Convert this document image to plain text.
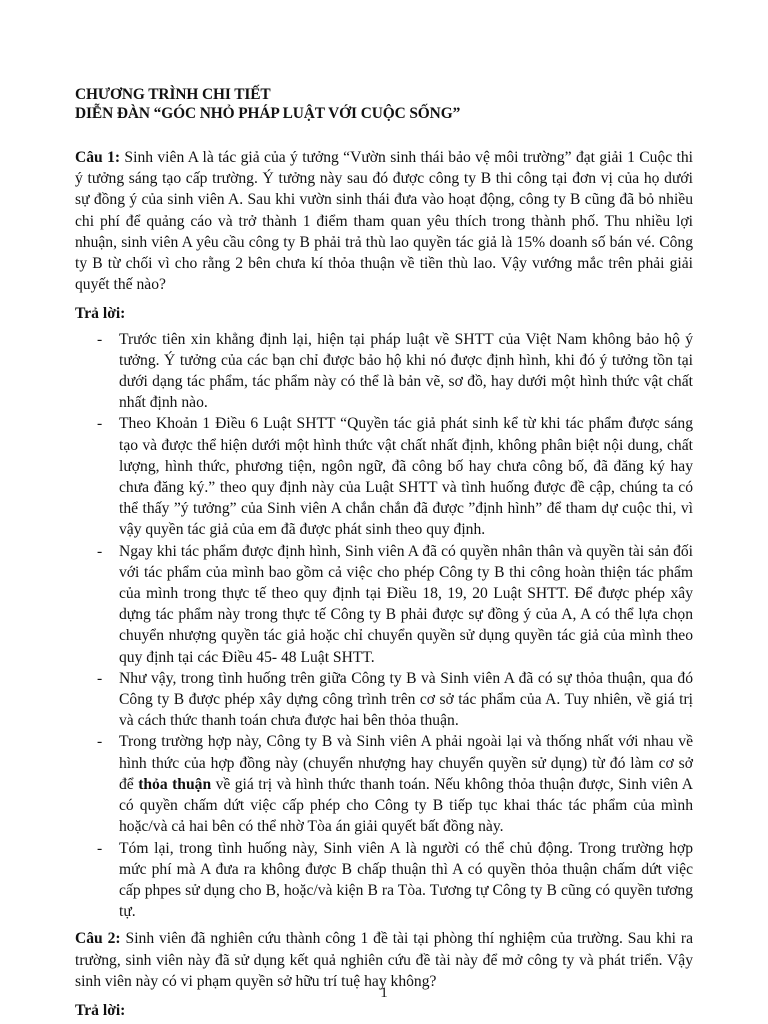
CHƯƠNG TRÌNH CHI TIẾT
DIỄN ĐÀN “GÓC NHỎ PHÁP LUẬT VỚI CUỘC SỐNG”

Câu 1: Sinh viên A là tác giả của ý tưởng “Vườn sinh thái bảo vệ môi trường” đạt giải 1 Cuộc thi ý tưởng sáng tạo cấp trường. Ý tưởng này sau đó được công ty B thi công tại đơn vị của họ dưới sự đồng ý của sinh viên A. Sau khi vườn sinh thái đưa vào hoạt động, công ty B cũng đã bỏ nhiều chi phí để quảng cáo và trở thành 1 điểm tham quan yêu thích trong thành phố. Thu nhiều lợi nhuận, sinh viên A yêu cầu công ty B phải trả thù lao quyền tác giả là 15% doanh số bán vé. Công ty B từ chối vì cho rằng 2 bên chưa kí thỏa thuận về tiền thù lao. Vậy vướng mắc trên phải giải quyết thế nào?

Trả lời:
- Trước tiên xin khẳng định lại, hiện tại pháp luật về SHTT của Việt Nam không bảo hộ ý tưởng. Ý tưởng của các bạn chỉ được bảo hộ khi nó được định hình, khi đó ý tưởng tồn tại dưới dạng tác phẩm, tác phẩm này có thể là bản vẽ, sơ đồ, hay dưới một hình thức vật chất nhất định nào.
- Theo Khoản 1 Điều 6 Luật SHTT “Quyền tác giả phát sinh kể từ khi tác phẩm được sáng tạo và được thể hiện dưới một hình thức vật chất nhất định, không phân biệt nội dung, chất lượng, hình thức, phương tiện, ngôn ngữ, đã công bố hay chưa công bố, đã đăng ký hay chưa đăng ký.” theo quy định này của Luật SHTT và tình huống được đề cập, chúng ta có thể thấy ”ý tưởng” của Sinh viên A chắn chắn đã được ”định hình” để tham dự cuộc thi, vì vậy quyền tác giả của em đã được phát sinh theo quy định.
- Ngay khi tác phẩm được định hình, Sinh viên A đã có quyền nhân thân và quyền tài sản đối với tác phẩm của mình bao gồm cả việc cho phép Công ty B thi công hoàn thiện tác phẩm của mình trong thực tế theo quy định tại Điều 18, 19, 20 Luật SHTT. Để được phép xây dựng tác phẩm này trong thực tế Công ty B phải được sự đồng ý của A, A có thể lựa chọn chuyển nhượng quyền tác giả hoặc chỉ chuyển quyền sử dụng quyền tác giả của mình theo quy định tại các Điều 45- 48 Luật SHTT.
- Như vậy, trong tình huống trên giữa Công ty B và Sinh viên A đã có sự thỏa thuận, qua đó Công ty B được phép xây dựng công trình trên cơ sở tác phẩm của A. Tuy nhiên, về giá trị và cách thức thanh toán chưa được hai bên thỏa thuận.
- Trong trường hợp này, Công ty B và Sinh viên A phải ngoài lại và thống nhất với nhau về hình thức của hợp đồng này (chuyển nhượng hay chuyển quyền sử dụng) từ đó làm cơ sở để thỏa thuận về giá trị và hình thức thanh toán. Nếu không thỏa thuận được, Sinh viên A có quyền chấm dứt việc cấp phép cho Công ty B tiếp tục khai thác tác phẩm của mình hoặc/và cả hai bên có thể nhờ Tòa án giải quyết bất đồng này.
- Tóm lại, trong tình huống này, Sinh viên A là người có thể chủ động. Trong trường hợp mức phí mà A đưa ra không được B chấp thuận thì A có quyền thỏa thuận chấm dứt việc cấp phpes sử dụng cho B, hoặc/và kiện B ra Tòa. Tương tự Công ty B cũng có quyền tương tự.

Câu 2: Sinh viên đã nghiên cứu thành công 1 đề tài tại phòng thí nghiệm của trường. Sau khi ra trường, sinh viên này đã sử dụng kết quả nghiên cứu đề tài này để mở công ty và phát triển. Vậy sinh viên này có vi phạm quyền sở hữu trí tuệ hay không?

Trả lời:
1
